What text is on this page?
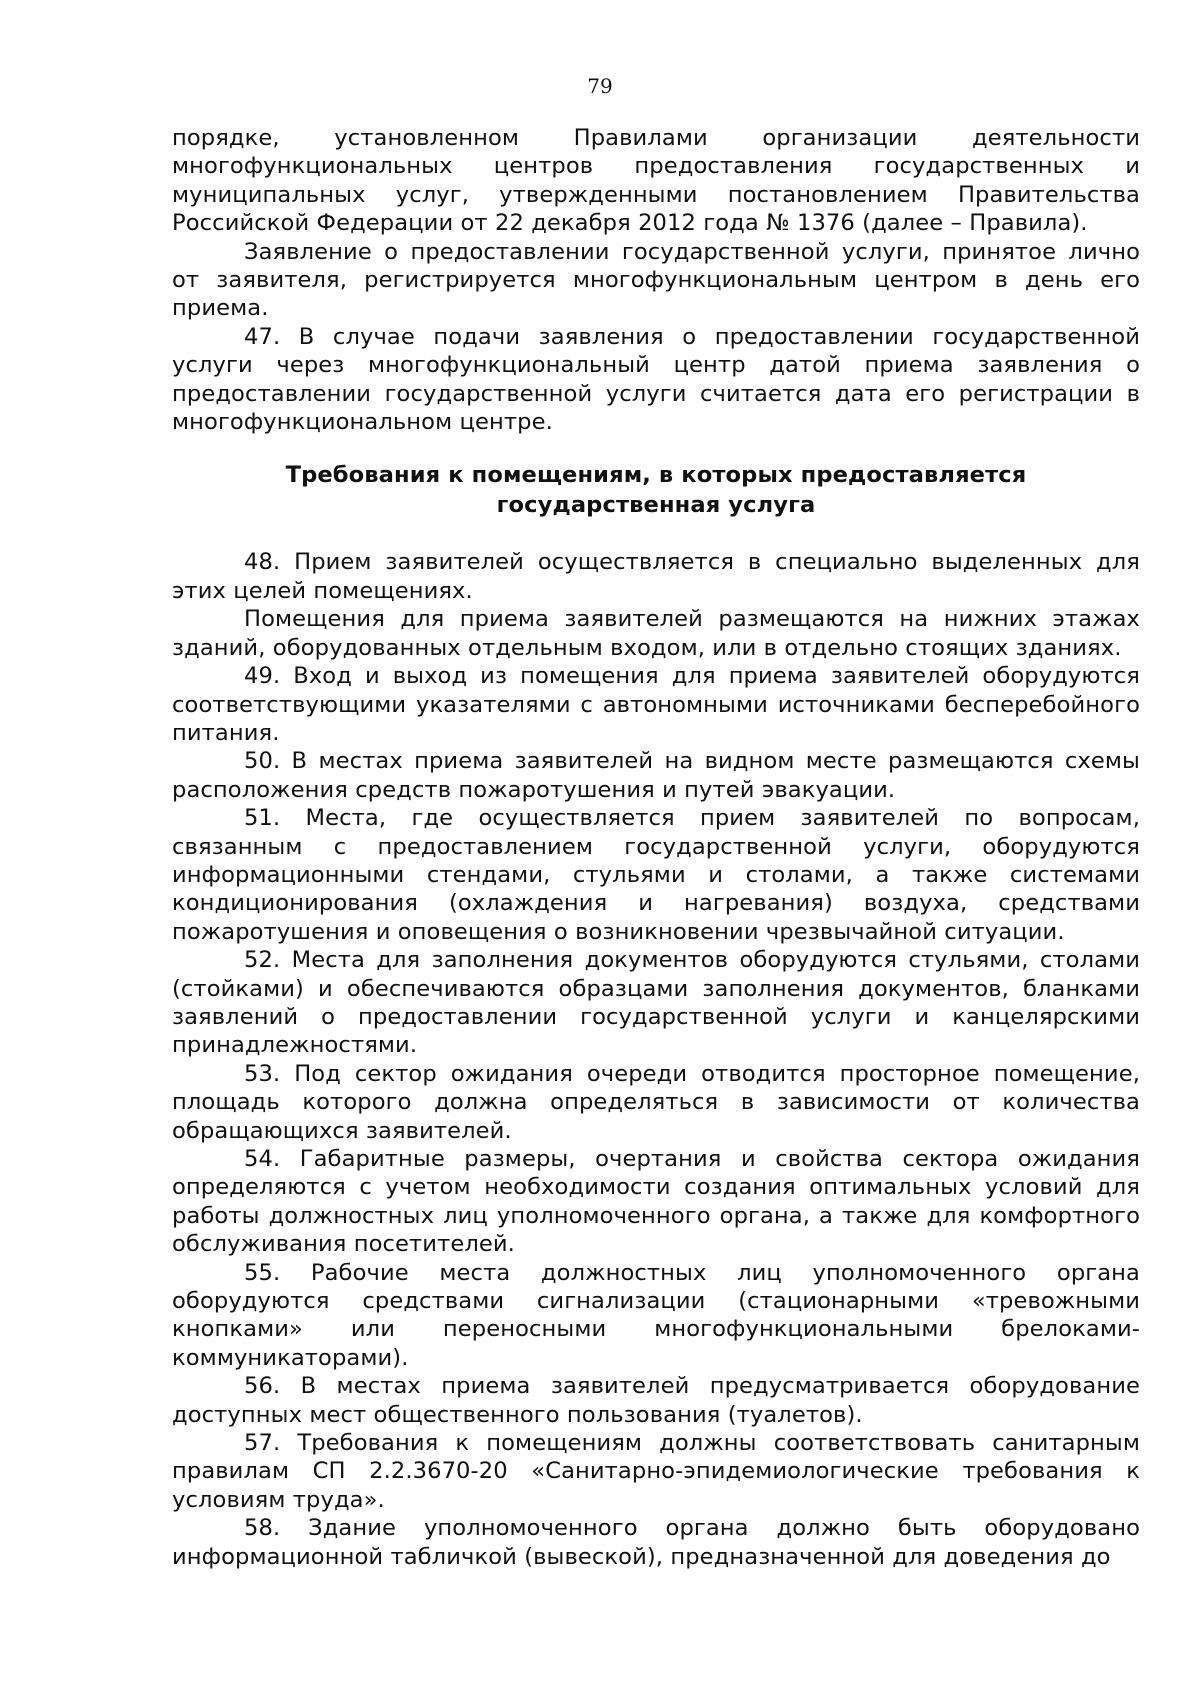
79

порядке, установленном Правилами организации деятельности многофункциональных центров предоставления государственных и муниципальных услуг, утвержденными постановлением Правительства Российской Федерации от 22 декабря 2012 года № 1376 (далее – Правила).

Заявление о предоставлении государственной услуги, принятое лично от заявителя, регистрируется многофункциональным центром в день его приема.

47. В случае подачи заявления о предоставлении государственной услуги через многофункциональный центр датой приема заявления о предоставлении государственной услуги считается дата его регистрации в многофункциональном центре.

Требования к помещениям, в которых предоставляется
государственная услуга

48. Прием заявителей осуществляется в специально выделенных для этих целей помещениях.

Помещения для приема заявителей размещаются на нижних этажах зданий, оборудованных отдельным входом, или в отдельно стоящих зданиях.

49. Вход и выход из помещения для приема заявителей оборудуются соответствующими указателями с автономными источниками бесперебойного питания.

50. В местах приема заявителей на видном месте размещаются схемы расположения средств пожаротушения и путей эвакуации.

51. Места, где осуществляется прием заявителей по вопросам, связанным с предоставлением государственной услуги, оборудуются информационными стендами, стульями и столами, а также системами кондиционирования (охлаждения и нагревания) воздуха, средствами пожаротушения и оповещения о возникновении чрезвычайной ситуации.

52. Места для заполнения документов оборудуются стульями, столами (стойками) и обеспечиваются образцами заполнения документов, бланками заявлений о предоставлении государственной услуги и канцелярскими принадлежностями.

53. Под сектор ожидания очереди отводится просторное помещение, площадь которого должна определяться в зависимости от количества обращающихся заявителей.

54. Габаритные размеры, очертания и свойства сектора ожидания определяются с учетом необходимости создания оптимальных условий для работы должностных лиц уполномоченного органа, а также для комфортного обслуживания посетителей.

55. Рабочие места должностных лиц уполномоченного органа оборудуются средствами сигнализации (стационарными «тревожными кнопками» или переносными многофункциональными брелоками-коммуникаторами).

56. В местах приема заявителей предусматривается оборудование доступных мест общественного пользования (туалетов).

57. Требования к помещениям должны соответствовать санитарным правилам СП 2.2.3670-20 «Санитарно-эпидемиологические требования к условиям труда».

58. Здание уполномоченного органа должно быть оборудовано информационной табличкой (вывеской), предназначенной для доведения до
